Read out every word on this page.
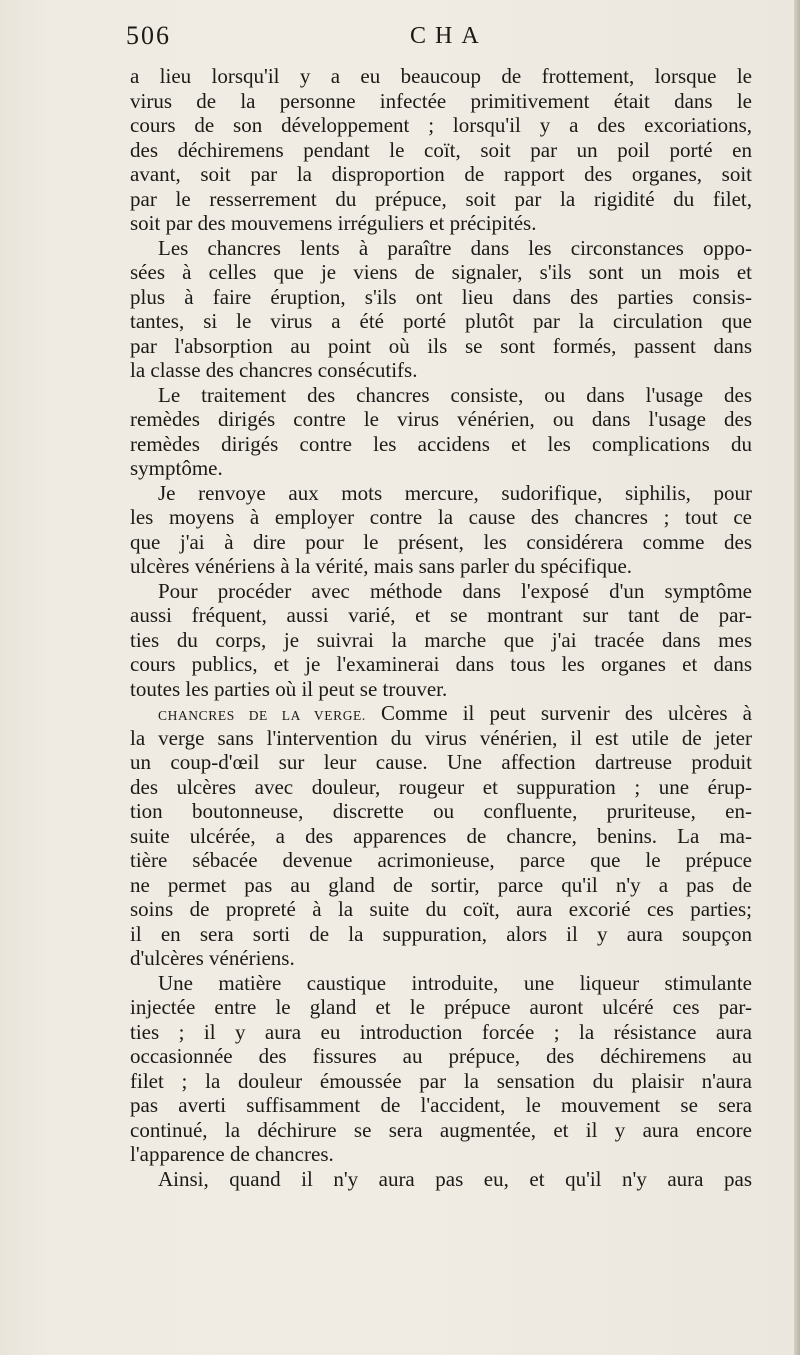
506	CHA
a lieu lorsqu'il y a eu beaucoup de frottement, lorsque le
virus de la personne infectée primitivement était dans le
cours de son développement ; lorsqu'il y a des excoriations,
des déchiremens pendant le coït, soit par un poil porté en
avant, soit par la disproportion de rapport des organes, soit
par le resserrement du prépuce, soit par la rigidité du filet,
soit par des mouvemens irréguliers et précipités.
Les chancres lents à paraître dans les circonstances oppo-
sées à celles que je viens de signaler, s'ils sont un mois et
plus à faire éruption, s'ils ont lieu dans des parties consis-
tantes, si le virus a été porté plutôt par la circulation que
par l'absorption au point où ils se sont formés, passent dans
la classe des chancres consécutifs.
Le traitement des chancres consiste, ou dans l'usage des
remèdes dirigés contre le virus vénérien, ou dans l'usage des
remèdes dirigés contre les accidens et les complications du
symptôme.
Je renvoye aux mots mercure, sudorifique, siphilis, pour
les moyens à employer contre la cause des chancres ; tout ce
que j'ai à dire pour le présent, les considérera comme des
ulcères vénériens à la vérité, mais sans parler du spécifique.
Pour procéder avec méthode dans l'exposé d'un symptôme
aussi fréquent, aussi varié, et se montrant sur tant de par-
ties du corps, je suivrai la marche que j'ai tracée dans mes
cours publics, et je l'examinerai dans tous les organes et dans
toutes les parties où il peut se trouver.
CHANCRES DE LA VERGE. Comme il peut survenir des ulcères à
la verge sans l'intervention du virus vénérien, il est utile de jeter
un coup-d'œil sur leur cause. Une affection dartreuse produit
des ulcères avec douleur, rougeur et suppuration ; une érup-
tion boutonneuse, discrette ou confluente, pruriteuse, en-
suite ulcérée, a des apparences de chancre, benins. La ma-
tière sébacée devenue acrimonieuse, parce que le prépuce
ne permet pas au gland de sortir, parce qu'il n'y a pas de
soins de propreté à la suite du coït, aura excorié ces parties;
il en sera sorti de la suppuration, alors il y aura soupçon
d'ulcères vénériens.
Une matière caustique introduite, une liqueur stimulante
injectée entre le gland et le prépuce auront ulcéré ces par-
ties ; il y aura eu introduction forcée ; la résistance aura
occasionnée des fissures au prépuce, des déchiremens au
filet ; la douleur émoussée par la sensation du plaisir n'aura
pas averti suffisamment de l'accident, le mouvement se sera
continué, la déchirure se sera augmentée, et il y aura encore
l'apparence de chancres.
Ainsi, quand il n'y aura pas eu, et qu'il n'y aura pas
